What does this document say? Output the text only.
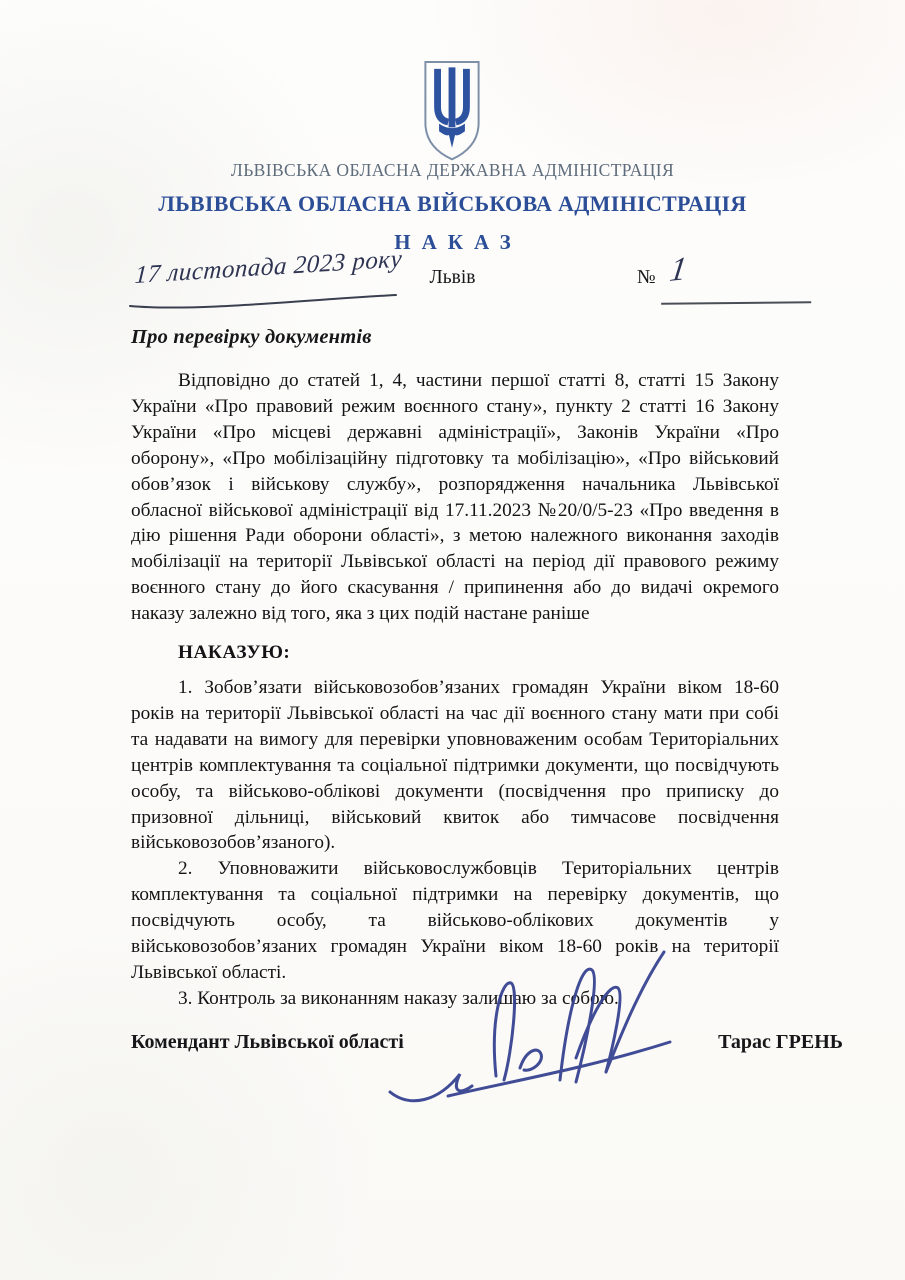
ЛЬВІВСЬКА ОБЛАСНА ДЕРЖАВНА АДМІНІСТРАЦІЯ
ЛЬВІВСЬКА ОБЛАСНА ВІЙСЬКОВА АДМІНІСТРАЦІЯ
НАКАЗ
17 листопада 2023 року	Львів	№ 1
Про перевірку документів

Відповідно до статей 1, 4, частини першої статті 8, статті 15 Закону України «Про правовий режим воєнного стану», пункту 2 статті 16 Закону України «Про місцеві державні адміністрації», Законів України «Про оборону», «Про мобілізаційну підготовку та мобілізацію», «Про військовий обов’язок і військову службу», розпорядження начальника Львівської обласної військової адміністрації від 17.11.2023 №20/0/5-23 «Про введення в дію рішення Ради оборони області», з метою належного виконання заходів мобілізації на території Львівської області на період дії правового режиму воєнного стану до його скасування / припинення або до видачі окремого наказу залежно від того, яка з цих подій настане раніше

НАКАЗУЮ:

1. Зобов’язати військовозобов’язаних громадян України віком 18-60 років на території Львівської області на час дії воєнного стану мати при собі та надавати на вимогу для перевірки уповноваженим особам Територіальних центрів комплектування та соціальної підтримки документи, що посвідчують особу, та військово-облікові документи (посвідчення про приписку до призовної дільниці, військовий квиток або тимчасове посвідчення військовозобов’язаного).

2. Уповноважити військовослужбовців Територіальних центрів комплектування та соціальної підтримки на перевірку документів, що посвідчують особу, та військово-облікових документів у військовозобов’язаних громадян України віком 18-60 років на території Львівської області.

3. Контроль за виконанням наказу залишаю за собою.

Комендант Львівської області	Тарас ГРЕНЬ
